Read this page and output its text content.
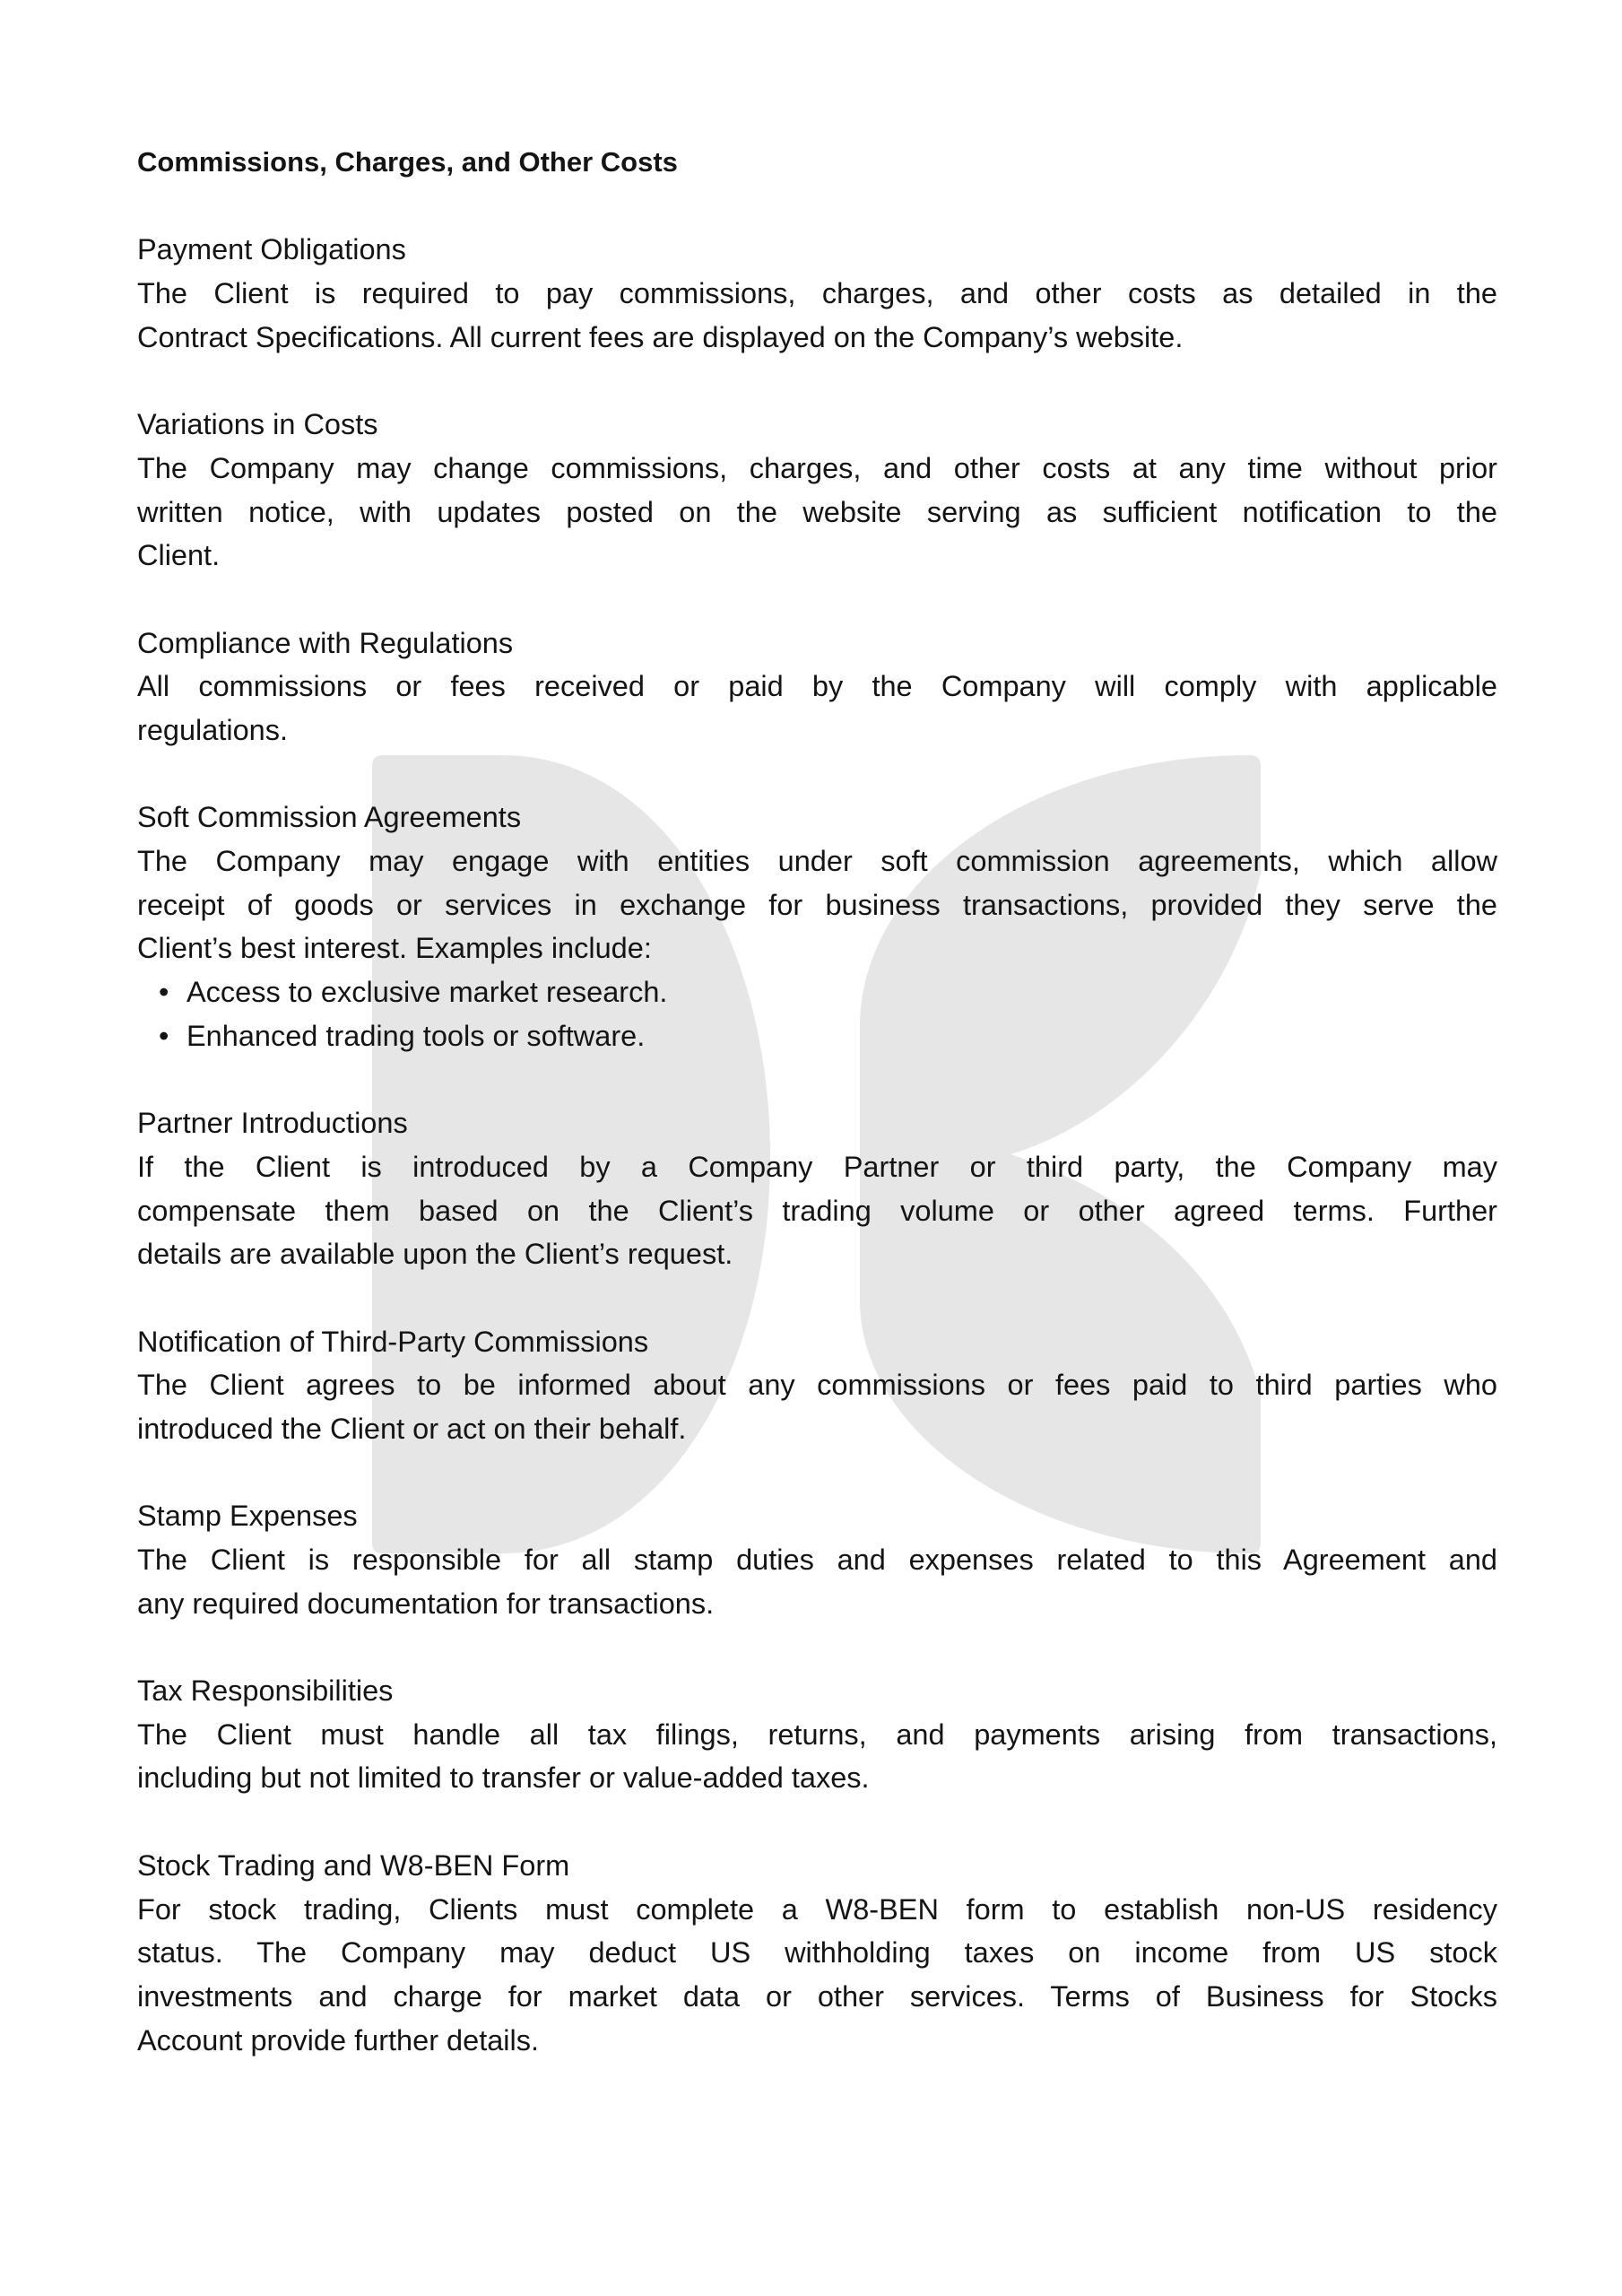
Commissions, Charges, and Other Costs
Payment Obligations
The Client is required to pay commissions, charges, and other costs as detailed in the
Contract Specifications. All current fees are displayed on the Company’s website.
Variations in Costs
The Company may change commissions, charges, and other costs at any time without prior
written notice, with updates posted on the website serving as sufficient notification to the
Client.
Compliance with Regulations
All commissions or fees received or paid by the Company will comply with applicable
regulations.
Soft Commission Agreements
The Company may engage with entities under soft commission agreements, which allow
receipt of goods or services in exchange for business transactions, provided they serve the
Client’s best interest. Examples include:
• Access to exclusive market research.
• Enhanced trading tools or software.
Partner Introductions
If the Client is introduced by a Company Partner or third party, the Company may
compensate them based on the Client’s trading volume or other agreed terms. Further
details are available upon the Client’s request.
Notification of Third-Party Commissions
The Client agrees to be informed about any commissions or fees paid to third parties who
introduced the Client or act on their behalf.
Stamp Expenses
The Client is responsible for all stamp duties and expenses related to this Agreement and
any required documentation for transactions.
Tax Responsibilities
The Client must handle all tax filings, returns, and payments arising from transactions,
including but not limited to transfer or value-added taxes.
Stock Trading and W8-BEN Form
For stock trading, Clients must complete a W8-BEN form to establish non-US residency
status. The Company may deduct US withholding taxes on income from US stock
investments and charge for market data or other services. Terms of Business for Stocks
Account provide further details.
